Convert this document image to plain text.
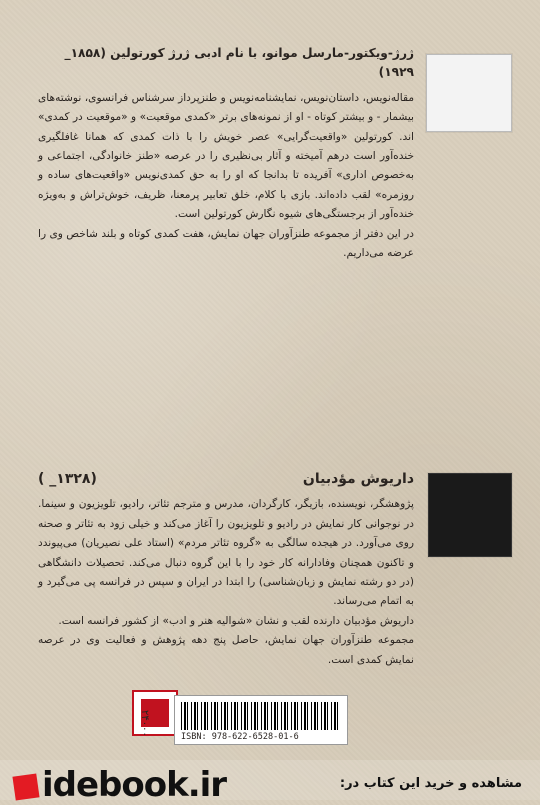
ژرژ-ویکتور-مارسل موانو، با نام ادبی ژرژ کورتولین (۱۸۵۸_ ۱۹۲۹)

مقاله‌نویس، داستان‌نویس، نمایشنامه‌نویس و طنزپرداز سرشناس فرانسوی، نوشته‌های بیشمار - و بیشتر کوتاه - او از نمونه‌های برتر «کمدی موقعیت» و «موقعیت در کمدی» اند. کورتولین «واقعیت‌گرایی» عصر خویش را با ذات کمدی که همانا غافلگیری خنده‌آور است درهم آمیخته و آثار بی‌نظیری را در عرصه «طنز خانوادگی، اجتماعی و به‌خصوص اداری» آفریده تا بدانجا که او را به حق کمدی‌نویس «واقعیت‌های ساده و روزمره» لقب داده‌اند. بازی با کلام، خلق تعابیر پرمعنا، ظریف، خوش‌تراش و به‌ویژه خنده‌آور از برجستگی‌های شیوه نگارش کورتولین است.

در این دفتر از مجموعه طنزآوران جهان نمایش، هفت کمدی کوتاه و بلند شاخص وی را عرضه می‌داریم.

داریوش مؤدبیان
(۱۳۲۸_ )

پژوهشگر، نویسنده، بازیگر، کارگردان، مدرس و مترجم تئاتر، رادیو، تلویزیون و سینما. در نوجوانی کار نمایش در رادیو و تلویزیون را آغاز می‌کند و خیلی زود به تئاتر و صحنه روی می‌آورد. در هیجده سالگی به «گروه تئاتر مردم» (استاد علی نصیریان) می‌پیوندد و تاکنون همچنان وفادارانه کار خود را با این گروه دنبال می‌کند. تحصیلات دانشگاهی (در دو رشته نمایش و زبان‌شناسی) را ابتدا در ایران و سپس در فرانسه پی می‌گیرد و به اتمام می‌رساند.

داریوش مؤدبیان دارنده لقب و نشان «شوالیه هنر و ادب» از کشور فرانسه است.

مجموعه طنزآوران جهان نمایش، حاصل پنج دهه پژوهش و فعالیت وی در عرصه نمایش کمدی است.

ISBN: 978-622-6528-01-6
۲۴۰۰۰
idebook.ir	مشاهده و خرید این کتاب در:
